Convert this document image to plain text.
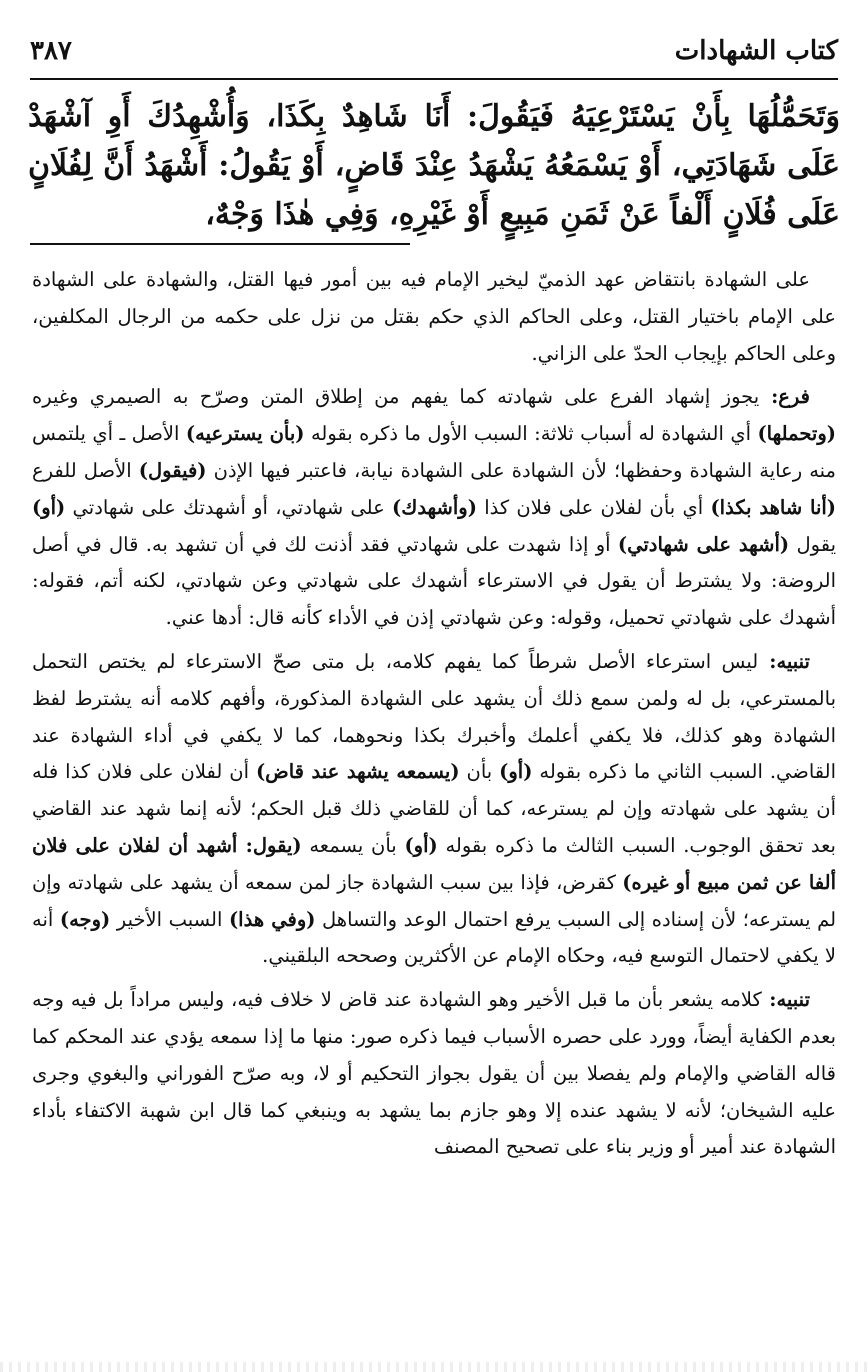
كتاب الشهادات
٣٨٧
وَتَحَمُّلُهَا بِأَنْ يَسْتَرْعِيَهُ فَيَقُولَ: أَنَا شَاهِدٌ بِكَذَا، وَأُشْهِدُكَ أَوِ آشْهَدْ عَلَى شَهَادَتِي، أَوْ يَسْمَعُهُ يَشْهَدُ عِنْدَ قَاضٍ، أَوْ يَقُولُ: أَشْهَدُ أَنَّ لِفُلَانٍ عَلَى فُلَانٍ أَلْفاً عَنْ ثَمَنِ مَبِيعٍ أَوْ غَيْرِهِ، وَفِي هٰذَا وَجْهٌ،

على الشهادة بانتقاض عهد الذميّ ليخير الإمام فيه بين أمور فيها القتل، والشهادة على الشهادة على الإمام باختيار القتل، وعلى الحاكم الذي حكم بقتل من نزل على حكمه من الرجال المكلفين، وعلى الحاكم بإيجاب الحدّ على الزاني.

فرع: يجوز إشهاد الفرع على شهادته كما يفهم من إطلاق المتن وصرّح به الصيمري وغيره (وتحملها) أي الشهادة له أسباب ثلاثة: السبب الأول ما ذكره بقوله (بأن يسترعيه) الأصل ـ أي يلتمس منه رعاية الشهادة وحفظها؛ لأن الشهادة على الشهادة نيابة، فاعتبر فيها الإذن (فيقول) الأصل للفرع (أنا شاهد بكذا) أي بأن لفلان على فلان كذا (وأشهدك) على شهادتي، أو أشهدتك على شهادتي (أو) يقول (أشهد على شهادتي) أو إذا شهدت على شهادتي فقد أذنت لك في أن تشهد به. قال في أصل الروضة: ولا يشترط أن يقول في الاسترعاء أشهدك على شهادتي وعن شهادتي، لكنه أتم، فقوله: أشهدك على شهادتي تحميل، وقوله: وعن شهادتي إذن في الأداء كأنه قال: أدها عني.

تنبيه: ليس استرعاء الأصل شرطاً كما يفهم كلامه، بل متى صحّ الاسترعاء لم يختص التحمل بالمسترعي، بل له ولمن سمع ذلك أن يشهد على الشهادة المذكورة، وأفهم كلامه أنه يشترط لفظ الشهادة وهو كذلك، فلا يكفي أعلمك وأخبرك بكذا ونحوهما، كما لا يكفي في أداء الشهادة عند القاضي. السبب الثاني ما ذكره بقوله (أو) بأن (يسمعه يشهد عند قاض) أن لفلان على فلان كذا فله أن يشهد على شهادته وإن لم يسترعه، كما أن للقاضي ذلك قبل الحكم؛ لأنه إنما شهد عند القاضي بعد تحقق الوجوب. السبب الثالث ما ذكره بقوله (أو) بأن يسمعه (يقول: أشهد أن لفلان على فلان ألفا عن ثمن مبيع أو غيره) كقرض، فإذا بين سبب الشهادة جاز لمن سمعه أن يشهد على شهادته وإن لم يسترعه؛ لأن إسناده إلى السبب يرفع احتمال الوعد والتساهل (وفي هذا) السبب الأخير (وجه) أنه لا يكفي لاحتمال التوسع فيه، وحكاه الإمام عن الأكثرين وصححه البلقيني.

تنبيه: كلامه يشعر بأن ما قبل الأخير وهو الشهادة عند قاض لا خلاف فيه، وليس مراداً بل فيه وجه بعدم الكفاية أيضاً، وورد على حصره الأسباب فيما ذكره صور: منها ما إذا سمعه يؤدي عند المحكم كما قاله القاضي والإمام ولم يفصلا بين أن يقول بجواز التحكيم أو لا، وبه صرّح الفوراني والبغوي وجرى عليه الشيخان؛ لأنه لا يشهد عنده إلا وهو جازم بما يشهد به وينبغي كما قال ابن شهبة الاكتفاء بأداء الشهادة عند أمير أو وزير بناء على تصحيح المصنف
